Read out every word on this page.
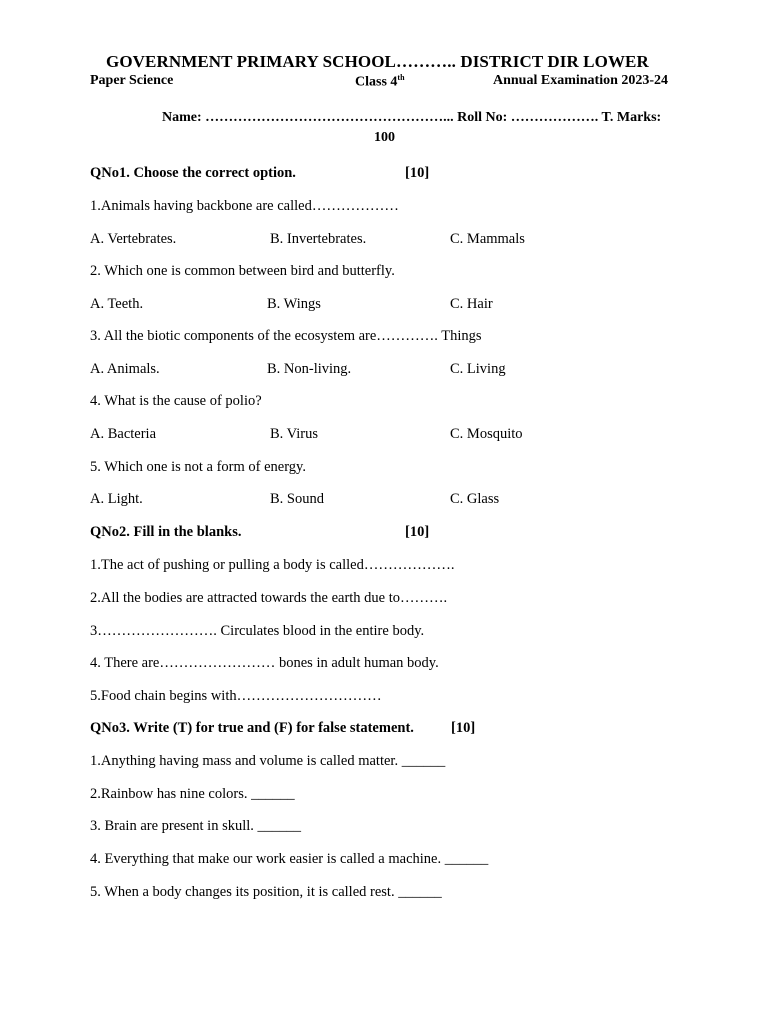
GOVERNMENT PRIMARY SCHOOL……….. DISTRICT DIR LOWER
Paper Science	Class 4th	Annual Examination 2023-24
Name: ……………………………………………... Roll No: ………………. T. Marks:
100
QNo1. Choose the correct option.	[10]
1.Animals having backbone are called………………
A. Vertebrates.	B. Invertebrates.	C. Mammals
2. Which one is common between bird and butterfly.
A. Teeth.	B. Wings	C. Hair
3. All the biotic components of the ecosystem are…………. Things
A. Animals.	B. Non-living.	C. Living
4. What is the cause of polio?
A. Bacteria	B. Virus	C. Mosquito
5. Which one is not a form of energy.
A. Light.	B. Sound	C. Glass
QNo2. Fill in the blanks.	[10]
1.The act of pushing or pulling a body is called……………….
2.All the bodies are attracted towards the earth due to……….
3……………………. Circulates blood in the entire body.
4. There are…………………… bones in adult human body.
5.Food chain begins with…………………………
QNo3. Write (T) for true and (F) for false statement.	[10]
1.Anything having mass and volume is called matter. ______
2.Rainbow has nine colors. ______
3. Brain are present in skull. ______
4. Everything that make our work easier is called a machine. ______
5. When a body changes its position, it is called rest. ______
